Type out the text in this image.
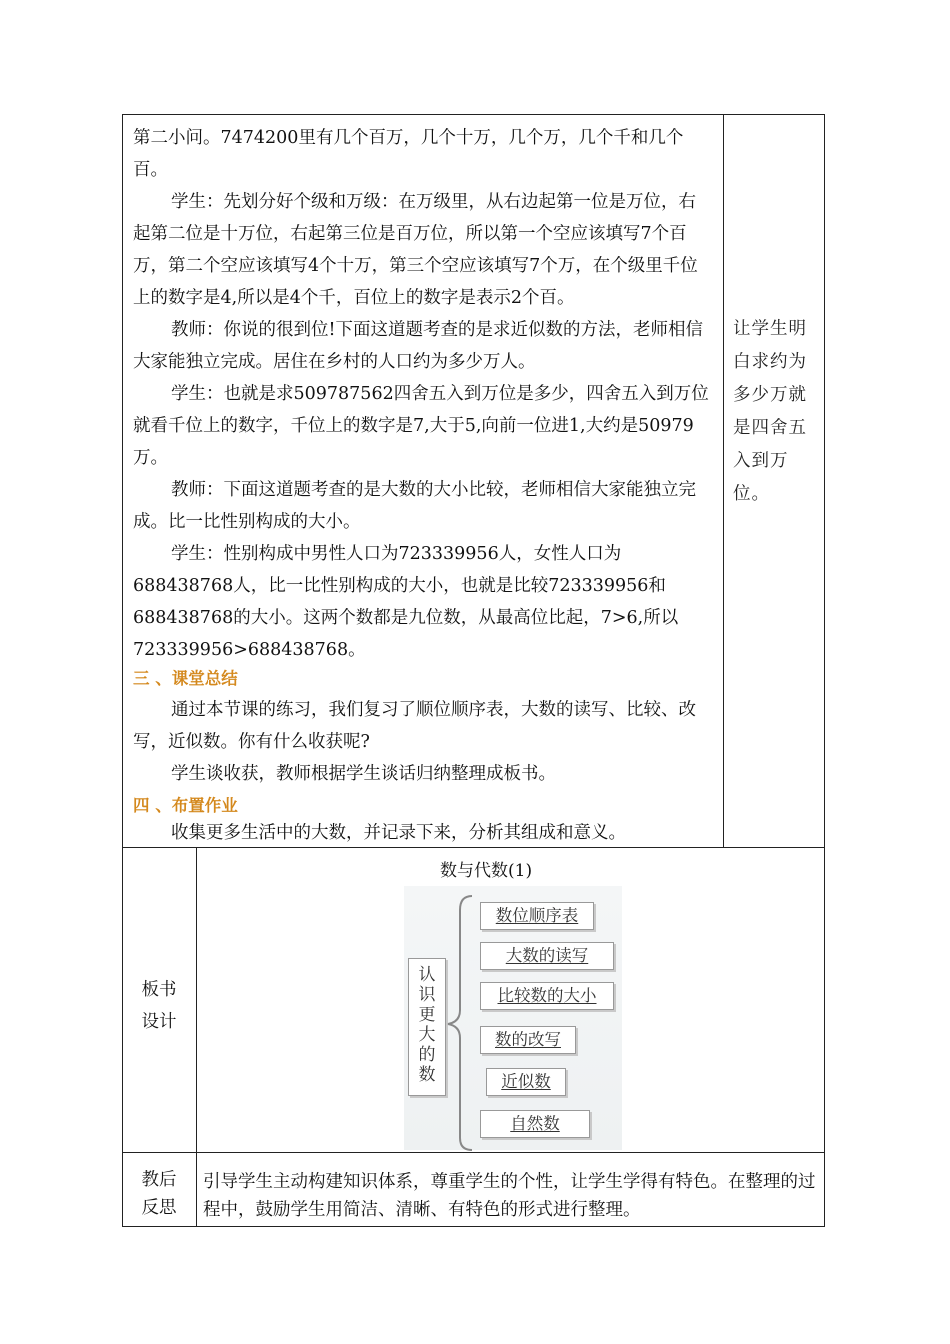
第二小问。7474200里有几个百万，几个十万，几个万，几个千和几个百。

学生：先划分好个级和万级：在万级里，从右边起第一位是万位，右起第二位是十万位，右起第三位是百万位，所以第一个空应该填写7个百万，第二个空应该填写4个十万，第三个空应该填写7个万，在个级里千位上的数字是4,所以是4个千，百位上的数字是表示2个百。

教师：你说的很到位!下面这道题考查的是求近似数的方法，老师相信大家能独立完成。居住在乡村的人口约为多少万人。

学生：也就是求509787562四舍五入到万位是多少，四舍五入到万位就看千位上的数字，千位上的数字是7,大于5,向前一位进1,大约是50979万。

教师：下面这道题考查的是大数的大小比较，老师相信大家能独立完成。比一比性别构成的大小。

学生：性别构成中男性人口为723339956人，女性人口为688438768人，比一比性别构成的大小，也就是比较723339956和688438768的大小。这两个数都是九位数，从最高位比起，7>6,所以723339956>688438768。

三 、课堂总结

通过本节课的练习，我们复习了顺位顺序表，大数的读写、比较、改写，近似数。你有什么收获呢?

学生谈收获，教师根据学生谈话归纳整理成板书。

四 、布置作业

收集更多生活中的大数，并记录下来，分析其组成和意义。

让学生明白求约为多少万就是四舍五入到万位。
板书
设计
数与代数(1)
认
识
更
大
的
数
数位顺序表
大数的读写
比较数的大小
数的改写
近似数
自然数
教后
反思

引导学生主动构建知识体系，尊重学生的个性，让学生学得有特色。在整理的过程中，鼓励学生用简洁、清晰、有特色的形式进行整理。
